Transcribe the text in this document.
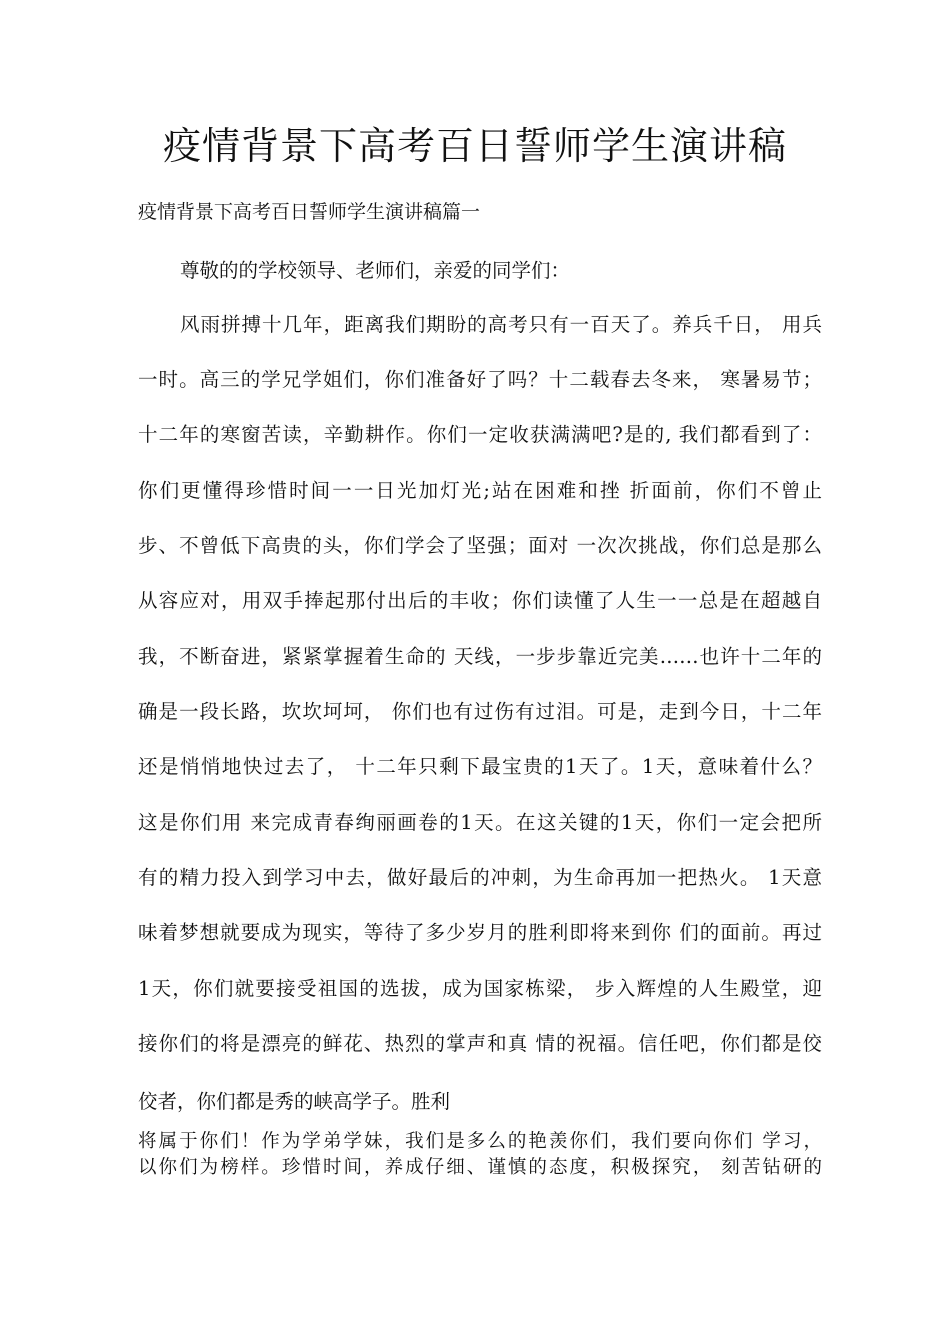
疫情背景下高考百日誓师学生演讲稿
疫情背景下高考百日誓师学生演讲稿篇一
尊敬的的学校领导、老师们，亲爱的同学们：
风雨拼搏十几年，距离我们期盼的高考只有一百天了。养兵千日， 用兵
一时。高三的学兄学姐们，你们准备好了吗？十二载春去冬来， 寒暑易节；
十二年的寒窗苦读，辛勤耕作。你们一定收获满满吧?是的, 我们都看到了：
你们更懂得珍惜时间一一日光加灯光;站在困难和挫 折面前，你们不曾止
步、不曾低下高贵的头，你们学会了坚强；面对 一次次挑战，你们总是那么
从容应对，用双手捧起那付出后的丰收；你们读懂了人生一一总是在超越自
我，不断奋进，紧紧掌握着生命的 天线，一步步靠近完美……也许十二年的
确是一段长路，坎坎坷坷， 你们也有过伤有过泪。可是，走到今日，十二年
还是悄悄地快过去了， 十二年只剩下最宝贵的1天了。1天，意味着什么？
这是你们用 来完成青春绚丽画卷的1天。在这关键的1天，你们一定会把所
有的精力投入到学习中去，做好最后的冲刺，为生命再加一把热火。 1天意
味着梦想就要成为现实，等待了多少岁月的胜利即将来到你 们的面前。再过
1天，你们就要接受祖国的选拔，成为国家栋梁， 步入辉煌的人生殿堂，迎
接你们的将是漂亮的鲜花、热烈的掌声和真 情的祝福。信任吧，你们都是佼
佼者，你们都是秀的峡高学子。胜利
将属于你们！作为学弟学妹，我们是多么的艳羡你们，我们要向你们 学习，
以你们为榜样。珍惜时间，养成仔细、谨慎的态度，积极探究， 刻苦钻研的
